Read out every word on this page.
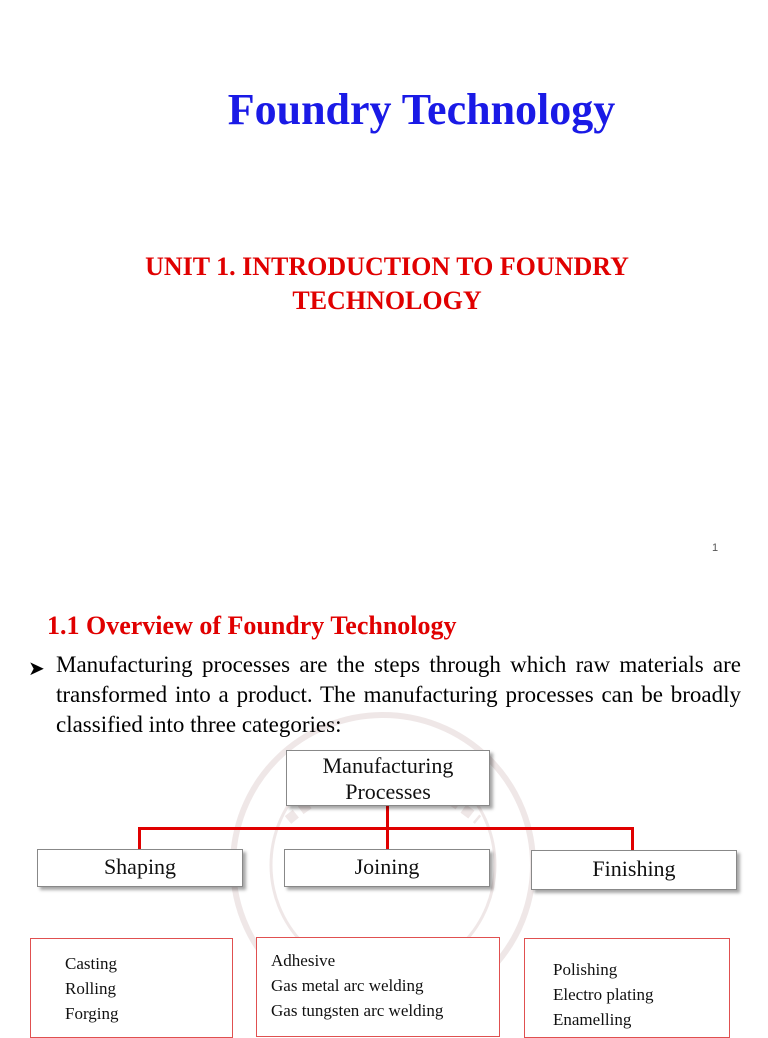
Foundry Technology
UNIT 1. INTRODUCTION TO FOUNDRY TECHNOLOGY
1
1.1 Overview of Foundry Technology
➤ Manufacturing processes are the steps through which raw materials are transformed into a product. The manufacturing processes can be broadly classified into three categories:
Manufacturing
Processes
Shaping	Joining	Finishing
Casting
Rolling
Forging
Adhesive
Gas metal arc welding
Gas tungsten arc welding
Polishing
Electro plating
Enamelling
